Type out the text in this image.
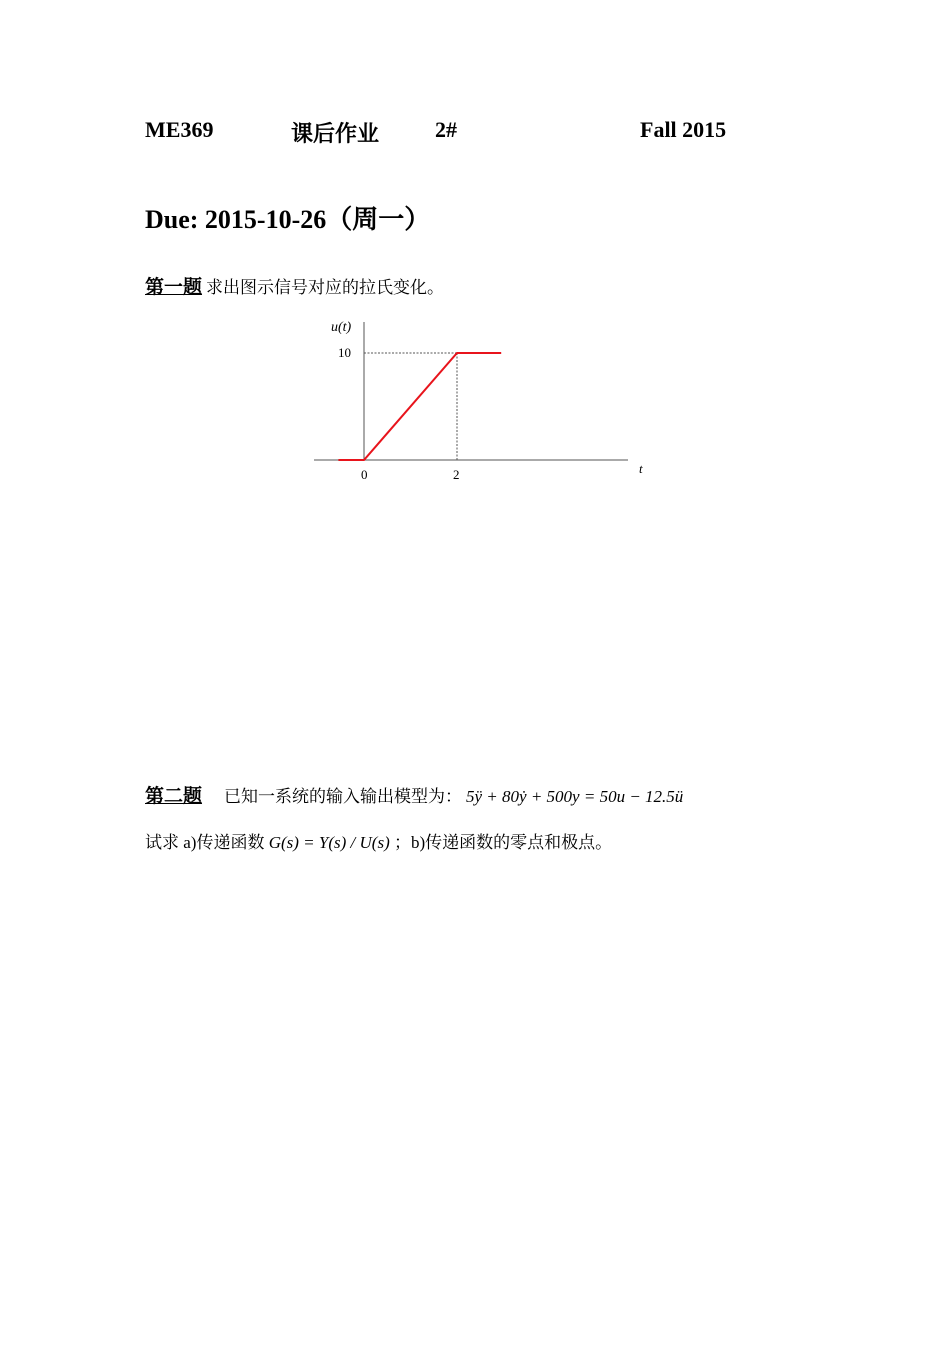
ME369	课后作业	2#	Fall 2015
Due: 2015-10-26（周一）
第一题 求出图示信号对应的拉氏变化。
u(t)
10
0	2	t
第二题 已知一系统的输入输出模型为： 5ÿ + 80ẏ + 500y = 50u − 12.5ü
试求 a)传递函数 G(s) = Y(s) / U(s) ；b)传递函数的零点和极点。
